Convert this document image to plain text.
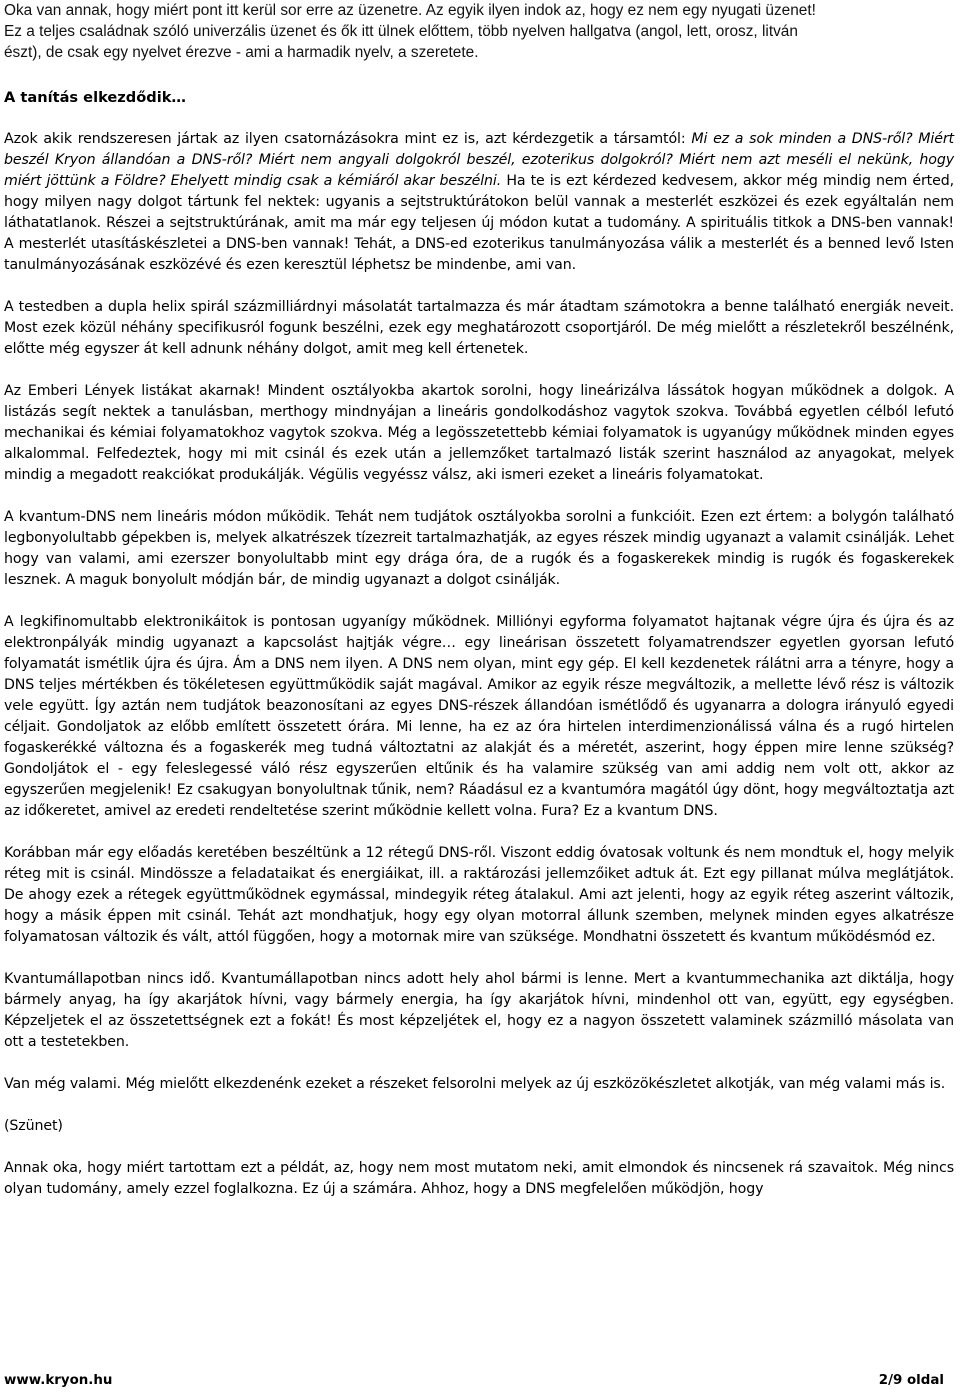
Oka van annak, hogy miért pont itt kerül sor erre az üzenetre. Az egyik ilyen indok az, hogy ez nem egy nyugati üzenet!

Ez a teljes családnak szóló univerzális üzenet és ők itt ülnek előttem, több nyelven hallgatva (angol, lett, orosz, litván

észt), de csak egy nyelvet érezve - ami a harmadik nyelv, a szeretete.

A tanítás elkezdődik…

Azok akik rendszeresen jártak az ilyen csatornázásokra mint ez is, azt kérdezgetik a társamtól: Mi ez a sok minden a DNS-ről? Miért beszél Kryon állandóan a DNS-ről? Miért nem angyali dolgokról beszél, ezoterikus dolgokról? Miért nem azt meséli el nekünk, hogy miért jöttünk a Földre? Ehelyett mindig csak a kémiáról akar beszélni. Ha te is ezt kérdezed kedvesem, akkor még mindig nem érted, hogy milyen nagy dolgot tártunk fel nektek: ugyanis a sejtstruktúrátokon belül vannak a mesterlét eszközei és ezek egyáltalán nem láthatatlanok. Részei a sejtstruktúrának, amit ma már egy teljesen új módon kutat a tudomány. A spirituális titkok a DNS-ben vannak! A mesterlét utasításkészletei a DNS-ben vannak! Tehát, a DNS-ed ezoterikus tanulmányozása válik a mesterlét és a benned levő Isten tanulmányozásának eszközévé és ezen keresztül léphetsz be mindenbe, ami van.

A testedben a dupla helix spirál százmilliárdnyi másolatát tartalmazza és már átadtam számotokra a benne található energiák neveit. Most ezek közül néhány specifikusról fogunk beszélni, ezek egy meghatározott csoportjáról. De még mielőtt a részletekről beszélnénk, előtte még egyszer át kell adnunk néhány dolgot, amit meg kell értenetek.

Az Emberi Lények listákat akarnak! Mindent osztályokba akartok sorolni, hogy lineárizálva lássátok hogyan működnek a dolgok. A listázás segít nektek a tanulásban, merthogy mindnyájan a lineáris gondolkodáshoz vagytok szokva. Továbbá egyetlen célból lefutó mechanikai és kémiai folyamatokhoz vagytok szokva. Még a legösszetettebb kémiai folyamatok is ugyanúgy működnek minden egyes alkalommal. Felfedeztek, hogy mi mit csinál és ezek után a jellemzőket tartalmazó listák szerint használod az anyagokat, melyek mindig a megadott reakciókat produkálják. Végülis vegyéssz válsz, aki ismeri ezeket a lineáris folyamatokat.

A kvantum-DNS nem lineáris módon működik. Tehát nem tudjátok osztályokba sorolni a funkcióit. Ezen ezt értem: a bolygón található legbonyolultabb gépekben is, melyek alkatrészek tízezreit tartalmazhatják, az egyes részek mindig ugyanazt a valamit csinálják. Lehet hogy van valami, ami ezerszer bonyolultabb mint egy drága óra, de a rugók és a fogaskerekek mindig is rugók és fogaskerekek lesznek. A maguk bonyolult módján bár, de mindig ugyanazt a dolgot csinálják.

A legkifinomultabb elektronikáitok is pontosan ugyanígy működnek. Milliónyi egyforma folyamatot hajtanak végre újra és újra és az elektronpályák mindig ugyanazt a kapcsolást hajtják végre… egy lineárisan összetett folyamatrendszer egyetlen gyorsan lefutó folyamatát ismétlik újra és újra. Ám a DNS nem ilyen. A DNS nem olyan, mint egy gép. El kell kezdenetek rálátni arra a tényre, hogy a DNS teljes mértékben és tökéletesen együttműködik saját magával. Amikor az egyik része megváltozik, a mellette lévő rész is változik vele együtt. Így aztán nem tudjátok beazonosítani az egyes DNS-részek állandóan ismétlődő és ugyanarra a dologra irányuló egyedi céljait. Gondoljatok az előbb említett összetett órára. Mi lenne, ha ez az óra hirtelen interdimenzionálissá válna és a rugó hirtelen fogaskerékké változna és a fogaskerék meg tudná változtatni az alakját és a méretét, aszerint, hogy éppen mire lenne szükség? Gondoljátok el - egy feleslegessé váló rész egyszerűen eltűnik és ha valamire szükség van ami addig nem volt ott, akkor az egyszerűen megjelenik! Ez csakugyan bonyolultnak tűnik, nem? Ráadásul ez a kvantumóra magától úgy dönt, hogy megváltoztatja azt az időkeretet, amivel az eredeti rendeltetése szerint működnie kellett volna. Fura? Ez a kvantum DNS.

Korábban már egy előadás keretében beszéltünk a 12 rétegű DNS-ről. Viszont eddig óvatosak voltunk és nem mondtuk el, hogy melyik réteg mit is csinál. Mindössze a feladataikat és energiáikat, ill. a raktározási jellemzőiket adtuk át. Ezt egy pillanat múlva meglátjátok. De ahogy ezek a rétegek együttműködnek egymással, mindegyik réteg átalakul. Ami azt jelenti, hogy az egyik réteg aszerint változik, hogy a másik éppen mit csinál. Tehát azt mondhatjuk, hogy egy olyan motorral állunk szemben, melynek minden egyes alkatrésze folyamatosan változik és vált, attól függően, hogy a motornak mire van szüksége. Mondhatni összetett és kvantum működésmód ez.

Kvantumállapotban nincs idő. Kvantumállapotban nincs adott hely ahol bármi is lenne. Mert a kvantummechanika azt diktálja, hogy bármely anyag, ha így akarjátok hívni, vagy bármely energia, ha így akarjátok hívni, mindenhol ott van, együtt, egy egységben. Képzeljetek el az összetettségnek ezt a fokát! És most képzeljétek el, hogy ez a nagyon összetett valaminek százmilló másolata van ott a testetekben.

Van még valami. Még mielőtt elkezdenénk ezeket a részeket felsorolni melyek az új eszközökészletet alkotják, van még valami más is.

(Szünet)

Annak oka, hogy miért tartottam ezt a példát, az, hogy nem most mutatom neki, amit elmondok és nincsenek rá szavaitok. Még nincs olyan tudomány, amely ezzel foglalkozna. Ez új a számára. Ahhoz, hogy a DNS megfelelően működjön, hogy

www.kryon.hu	2/9 oldal
